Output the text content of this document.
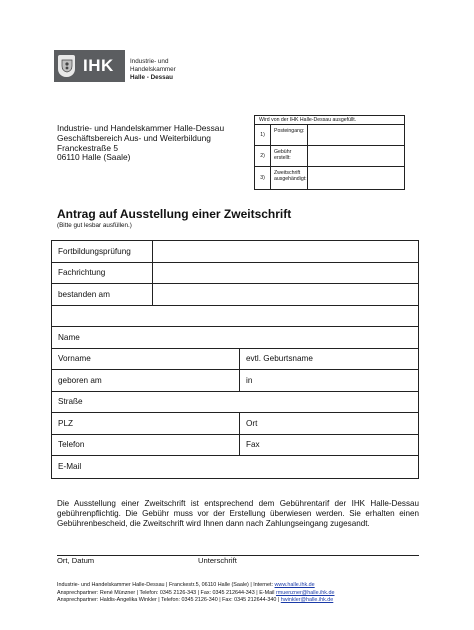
IHK	Industrie- und Handelskammer
Halle - Dessau
Wird von der IHK Halle-Dessau ausgefüllt.
1)
Posteingang:
2)
Gebühr erstellt:
3)
Zweitschrift ausgehändigt:
Industrie- und Handelskammer Halle-Dessau
Geschäftsbereich Aus- und Weiterbildung
Franckestraße 5
06110 Halle (Saale)
Antrag auf Ausstellung einer Zweitschrift
(Bitte gut lesbar ausfüllen.)
Fortbildungsprüfung
Fachrichtung
bestanden am
Name
Vorname	evtl. Geburtsname
geboren am	in
Straße
PLZ	Ort
Telefon	Fax
E-Mail
Die Ausstellung einer Zweitschrift ist entsprechend dem Gebührentarif der IHK Halle-Dessau gebührenpflichtig. Die Gebühr muss vor der Erstellung überwiesen werden. Sie erhalten einen Gebührenbescheid, die Zweitschrift wird Ihnen dann nach Zahlungseingang zugesandt.
Ort, Datum	Unterschrift
Industrie- und Handelskammer Halle-Dessau | Franckestr.5, 06110 Halle (Saale) | Internet: www.halle.ihk.de
Ansprechpartner: René Münzner | Telefon: 0345 2126-343 | Fax: 0345 212644-343 | E-Mail rmuenzner@halle.ihk.de
Ansprechpartner: Haldis-Angelika Winkler | Telefon: 0345 2126-340 | Fax: 0345 212644-340 | hwinkler@halle.ihk.de
